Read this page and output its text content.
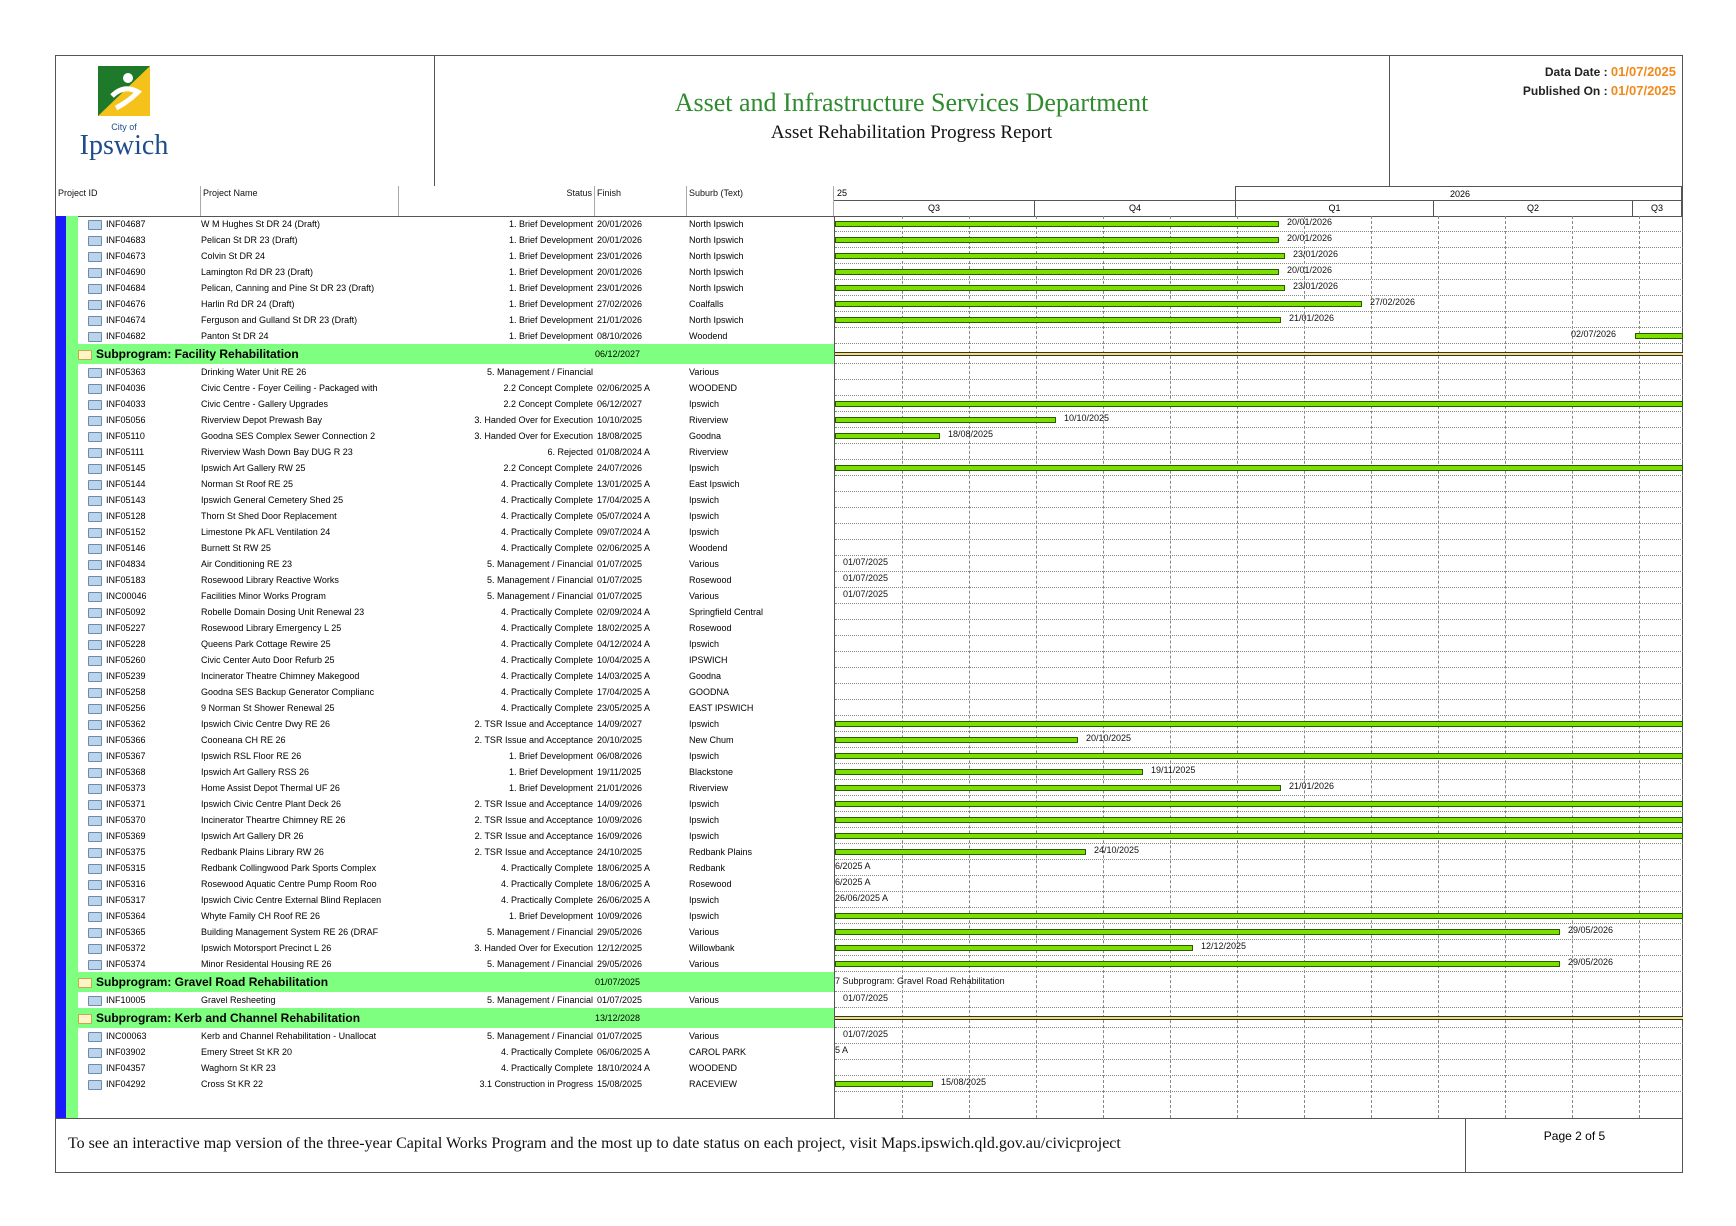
City of
Ipswich
Asset and Infrastructure Services Department
Asset Rehabilitation Progress Report
Data Date : 01/07/2025
Published On : 01/07/2025
Project ID	Project Name	Status Finish	Suburb (Text)	25	2026
Q3	Q4	Q1	Q2	Q3
INF04687	W M Hughes St DR 24 (Draft)	1. Brief Development 20/01/2026	North Ipswich
INF04683	Pelican St DR 23 (Draft)	1. Brief Development 20/01/2026	North Ipswich
INF04673	Colvin St DR 24	1. Brief Development 23/01/2026	North Ipswich
INF04690	Lamington Rd DR 23 (Draft)	1. Brief Development 20/01/2026	North Ipswich
INF04684	Pelican, Canning and Pine St DR 23 (Draft)	1. Brief Development 23/01/2026	North Ipswich
INF04676	Harlin Rd DR 24 (Draft)	1. Brief Development 27/02/2026	Coalfalls
INF04674	Ferguson and Gulland St DR 23 (Draft)	1. Brief Development 21/01/2026	North Ipswich
INF04682	Panton St DR 24	1. Brief Development 08/10/2026	Woodend
Subprogram: Facility Rehabilitation	06/12/2027
INF05363	Drinking Water Unit RE 26	5. Management / Financial	Various
INF04036	Civic Centre - Foyer Ceiling - Packaged with	2.2 Concept Complete 02/06/2025 A	WOODEND
INF04033	Civic Centre - Gallery Upgrades	2.2 Concept Complete 06/12/2027	Ipswich
INF05056	Riverview Depot Prewash Bay	3. Handed Over for Execution 10/10/2025	Riverview
INF05110	Goodna SES Complex Sewer Connection 2	3. Handed Over for Execution 18/08/2025	Goodna
INF05111	Riverview Wash Down Bay DUG R 23	6. Rejected 01/08/2024 A	Riverview
INF05145	Ipswich Art Gallery RW 25	2.2 Concept Complete 24/07/2026	Ipswich
INF05144	Norman St Roof RE 25	4. Practically Complete 13/01/2025 A	East Ipswich
INF05143	Ipswich General Cemetery Shed 25	4. Practically Complete 17/04/2025 A	Ipswich
INF05128	Thorn St Shed Door Replacement	4. Practically Complete 05/07/2024 A	Ipswich
INF05152	Limestone Pk AFL Ventilation 24	4. Practically Complete 09/07/2024 A	Ipswich
INF05146	Burnett St RW 25	4. Practically Complete 02/06/2025 A	Woodend
INF04834	Air Conditioning RE 23	5. Management / Financial 01/07/2025	Various
INF05183	Rosewood Library Reactive Works	5. Management / Financial 01/07/2025	Rosewood
INC00046	Facilities Minor Works Program	5. Management / Financial 01/07/2025	Various
INF05092	Robelle Domain Dosing Unit Renewal 23	4. Practically Complete 02/09/2024 A	Springfield Central
INF05227	Rosewood Library Emergency L 25	4. Practically Complete 18/02/2025 A	Rosewood
INF05228	Queens Park Cottage Rewire 25	4. Practically Complete 04/12/2024 A	Ipswich
INF05260	Civic Center Auto Door Refurb 25	4. Practically Complete 10/04/2025 A	IPSWICH
INF05239	Incinerator Theatre Chimney Makegood	4. Practically Complete 14/03/2025 A	Goodna
INF05258	Goodna SES Backup Generator Complianc	4. Practically Complete 17/04/2025 A	GOODNA
INF05256	9 Norman St Shower Renewal 25	4. Practically Complete 23/05/2025 A	EAST IPSWICH
INF05362	Ipswich Civic Centre Dwy RE 26	2. TSR Issue and Acceptance 14/09/2027	Ipswich
INF05366	Cooneana CH RE 26	2. TSR Issue and Acceptance 20/10/2025	New Chum
INF05367	Ipswich RSL Floor RE 26	1. Brief Development 06/08/2026	Ipswich
INF05368	Ipswich Art Gallery RSS 26	1. Brief Development 19/11/2025	Blackstone
INF05373	Home Assist Depot Thermal UF 26	1. Brief Development 21/01/2026	Riverview
INF05371	Ipswich Civic Centre Plant Deck 26	2. TSR Issue and Acceptance 14/09/2026	Ipswich
INF05370	Incinerator Theartre Chimney RE 26	2. TSR Issue and Acceptance 10/09/2026	Ipswich
INF05369	Ipswich Art Gallery DR 26	2. TSR Issue and Acceptance 16/09/2026	Ipswich
INF05375	Redbank Plains Library RW 26	2. TSR Issue and Acceptance 24/10/2025	Redbank Plains
INF05315	Redbank Collingwood Park Sports Complex	4. Practically Complete 18/06/2025 A	Redbank
INF05316	Rosewood Aquatic Centre Pump Room Roo	4. Practically Complete 18/06/2025 A	Rosewood
INF05317	Ipswich Civic Centre External Blind Replacen	4. Practically Complete 26/06/2025 A	Ipswich
INF05364	Whyte Family CH Roof RE 26	1. Brief Development 10/09/2026	Ipswich
INF05365	Building Management System RE 26 (DRAF	5. Management / Financial 29/05/2026	Various
INF05372	Ipswich Motorsport Precinct L 26	3. Handed Over for Execution 12/12/2025	Willowbank
INF05374	Minor Residental Housing RE 26	5. Management / Financial 29/05/2026	Various
Subprogram: Gravel Road Rehabilitation	01/07/2025
INF10005	Gravel Resheeting	5. Management / Financial 01/07/2025	Various
Subprogram: Kerb and Channel Rehabilitation	13/12/2028
INC00063	Kerb and Channel Rehabilitation - Unallocat	5. Management / Financial 01/07/2025	Various
INF03902	Emery Street St KR 20	4. Practically Complete 06/06/2025 A	CAROL PARK
INF04357	Waghorn St KR 23	4. Practically Complete 18/10/2024 A	WOODEND
INF04292	Cross St KR 22	3.1 Construction in Progress 15/08/2025	RACEVIEW
20/01/2026
20/01/2026
23/01/2026
20/01/2026
23/01/2026
27/02/2026
21/01/2026
02/07/2026
10/10/2025
18/08/2025
01/07/2025
01/07/2025
01/07/2025
20/10/2025
19/11/2025
21/01/2026
24/10/2025
6/2025 A
6/2025 A
26/06/2025 A
29/05/2026
12/12/2025
29/05/2026
7 Subprogram: Gravel Road Rehabilitation
01/07/2025
01/07/2025
5 A
15/08/2025
To see an interactive map version of the three-year Capital Works Program and the most up to date status on each project, visit Maps.ipswich.qld.gov.au/civicproject	Page 2 of 5
